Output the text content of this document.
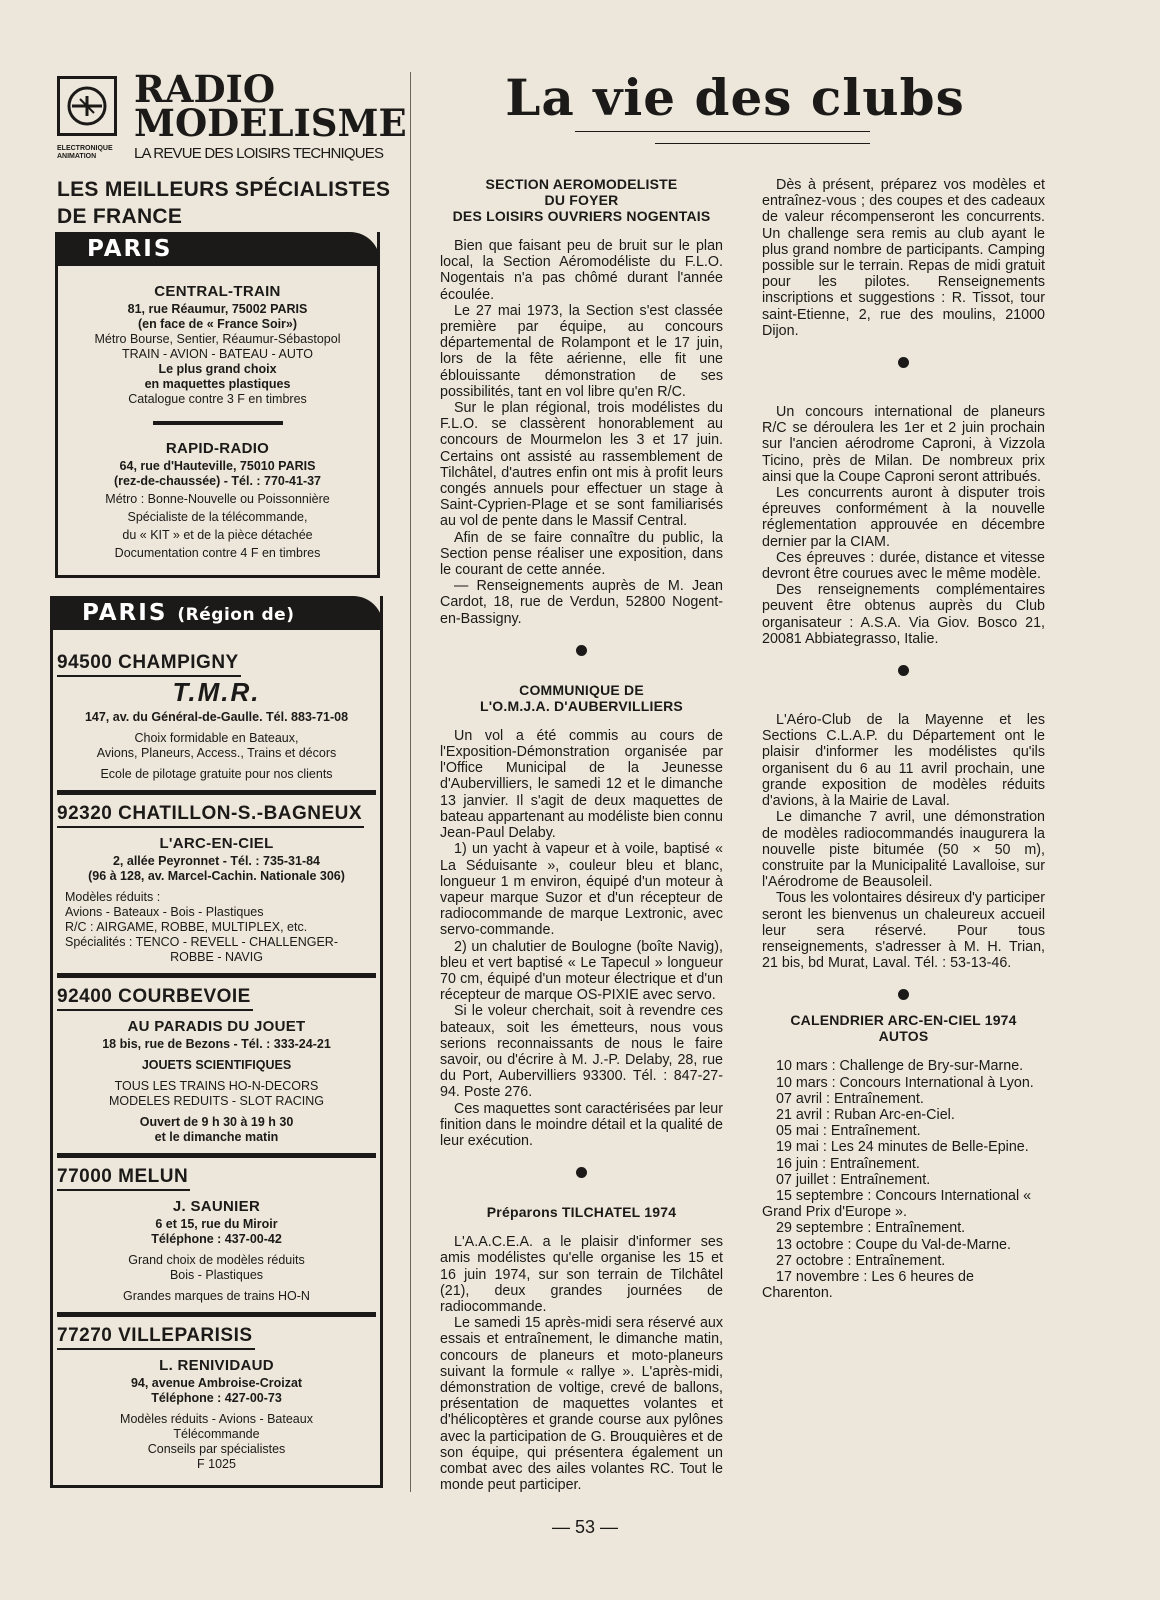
RADIO
MODELISME
ELECTRONIQUE
ANIMATION	LA REVUE DES LOISIRS TECHNIQUES
LES MEILLEURS SPÉCIALISTES
DE FRANCE
PARIS
CENTRAL-TRAIN
81, rue Réaumur, 75002 PARIS
(en face de « France Soir»)
Métro Bourse, Sentier, Réaumur-Sébastopol
TRAIN - AVION - BATEAU - AUTO
Le plus grand choix
en maquettes plastiques
Catalogue contre 3 F en timbres
RAPID-RADIO
64, rue d'Hauteville, 75010 PARIS
(rez-de-chaussée) - Tél. : 770-41-37
Métro : Bonne-Nouvelle ou Poissonnière
Spécialiste de la télécommande,
du « KIT » et de la pièce détachée
Documentation contre 4 F en timbres
PARIS (Région de)
94500 CHAMPIGNY
T.M.R.
147, av. du Général-de-Gaulle. Tél. 883-71-08
Choix formidable en Bateaux,
Avions, Planeurs, Access., Trains et décors
Ecole de pilotage gratuite pour nos clients
92320 CHATILLON-S.-BAGNEUX
L'ARC-EN-CIEL
2, allée Peyronnet - Tél. : 735-31-84
(96 à 128, av. Marcel-Cachin. Nationale 306)
Modèles réduits :
Avions - Bateaux - Bois - Plastiques
R/C : AIRGAME, ROBBE, MULTIPLEX, etc.
Spécialités : TENCO - REVELL - CHALLENGER-
ROBBE - NAVIG
92400 COURBEVOIE
AU PARADIS DU JOUET
18 bis, rue de Bezons - Tél. : 333-24-21
JOUETS SCIENTIFIQUES
TOUS LES TRAINS HO-N-DECORS
MODELES REDUITS - SLOT RACING
Ouvert de 9 h 30 à 19 h 30
et le dimanche matin
77000 MELUN
J. SAUNIER
6 et 15, rue du Miroir
Téléphone : 437-00-42
Grand choix de modèles réduits
Bois - Plastiques
Grandes marques de trains HO-N
77270 VILLEPARISIS
L. RENIVIDAUD
94, avenue Ambroise-Croizat
Téléphone : 427-00-73
Modèles réduits - Avions - Bateaux
Télécommande
Conseils par spécialistes
F 1025
La vie des clubs
SECTION AEROMODELISTE
DU FOYER
DES LOISIRS OUVRIERS NOGENTAIS

Bien que faisant peu de bruit sur le plan local, la Section Aéromodéliste du F.L.O. Nogentais n'a pas chômé durant l'année écoulée.

Le 27 mai 1973, la Section s'est classée première par équipe, au concours départemental de Rolampont et le 17 juin, lors de la fête aérienne, elle fit une éblouissante démonstration de ses possibilités, tant en vol libre qu'en R/C.

Sur le plan régional, trois modélistes du F.L.O. se classèrent honorablement au concours de Mourmelon les 3 et 17 juin. Certains ont assisté au rassemblement de Tilchâtel, d'autres enfin ont mis à profit leurs congés annuels pour effectuer un stage à Saint-Cyprien-Plage et se sont familiarisés au vol de pente dans le Massif Central.

Afin de se faire connaître du public, la Section pense réaliser une exposition, dans le courant de cette année.

— Renseignements auprès de M. Jean Cardot, 18, rue de Verdun, 52800 Nogent-en-Bassigny.

COMMUNIQUE DE
L'O.M.J.A. D'AUBERVILLIERS

Un vol a été commis au cours de l'Exposition-Démonstration organisée par l'Office Municipal de la Jeunesse d'Aubervilliers, le samedi 12 et le dimanche 13 janvier. Il s'agit de deux maquettes de bateau appartenant au modéliste bien connu Jean-Paul Delaby.

1) un yacht à vapeur et à voile, baptisé « La Séduisante », couleur bleu et blanc, longueur 1 m environ, équipé d'un moteur à vapeur marque Suzor et d'un récepteur de radiocommande de marque Lextronic, avec servo-commande.

2) un chalutier de Boulogne (boîte Navig), bleu et vert baptisé « Le Tapecul » longueur 70 cm, équipé d'un moteur électrique et d'un récepteur de marque OS-PIXIE avec servo.

Si le voleur cherchait, soit à revendre ces bateaux, soit les émetteurs, nous vous serions reconnaissants de nous le faire savoir, ou d'écrire à M. J.-P. Delaby, 28, rue du Port, Aubervilliers 93300. Tél. : 847-27-94. Poste 276.

Ces maquettes sont caractérisées par leur finition dans le moindre détail et la qualité de leur exécution.

Préparons TILCHATEL 1974

L'A.A.C.E.A. a le plaisir d'informer ses amis modélistes qu'elle organise les 15 et 16 juin 1974, sur son terrain de Tilchâtel (21), deux grandes journées de radiocommande.

Le samedi 15 après-midi sera réservé aux essais et entraînement, le dimanche matin, concours de planeurs et moto-planeurs suivant la formule « rallye ». L'après-midi, démonstration de voltige, crevé de ballons, présentation de maquettes volantes et d'hélicoptères et grande course aux pylônes avec la participation de G. Brouquières et de son équipe, qui présentera également un combat avec des ailes volantes RC. Tout le monde peut participer.

Dès à présent, préparez vos modèles et entraînez-vous ; des coupes et des cadeaux de valeur récompenseront les concurrents. Un challenge sera remis au club ayant le plus grand nombre de participants. Camping possible sur le terrain. Repas de midi gratuit pour les pilotes. Renseignements inscriptions et suggestions : R. Tissot, tour saint-Etienne, 2, rue des moulins, 21000 Dijon.

Un concours international de planeurs R/C se déroulera les 1er et 2 juin prochain sur l'ancien aérodrome Caproni, à Vizzola Ticino, près de Milan. De nombreux prix ainsi que la Coupe Caproni seront attribués.

Les concurrents auront à disputer trois épreuves conformément à la nouvelle réglementation approuvée en décembre dernier par la CIAM.

Ces épreuves : durée, distance et vitesse devront être courues avec le même modèle.

Des renseignements complémentaires peuvent être obtenus auprès du Club organisateur : A.S.A. Via Giov. Bosco 21, 20081 Abbiategrasso, Italie.

L'Aéro-Club de la Mayenne et les Sections C.L.A.P. du Département ont le plaisir d'informer les modélistes qu'ils organisent du 6 au 11 avril prochain, une grande exposition de modèles réduits d'avions, à la Mairie de Laval.

Le dimanche 7 avril, une démonstration de modèles radiocommandés inaugurera la nouvelle piste bitumée (50 × 50 m), construite par la Municipalité Lavalloise, sur l'Aérodrome de Beausoleil.

Tous les volontaires désireux d'y participer seront les bienvenus un chaleureux accueil leur sera réservé. Pour tous renseignements, s'adresser à M. H. Trian, 21 bis, bd Murat, Laval. Tél. : 53-13-46.

CALENDRIER ARC-EN-CIEL 1974
AUTOS
10 mars : Challenge de Bry-sur-Marne.
10 mars : Concours International à Lyon.
07 avril : Entraînement.
21 avril : Ruban Arc-en-Ciel.
05 mai : Entraînement.
19 mai : Les 24 minutes de Belle-Epine.
16 juin : Entraînement.
07 juillet : Entraînement.
15 septembre : Concours International « Grand Prix d'Europe ».
29 septembre : Entraînement.
13 octobre : Coupe du Val-de-Marne.
27 octobre : Entraînement.
17 novembre : Les 6 heures de Charenton.
— 53 —
